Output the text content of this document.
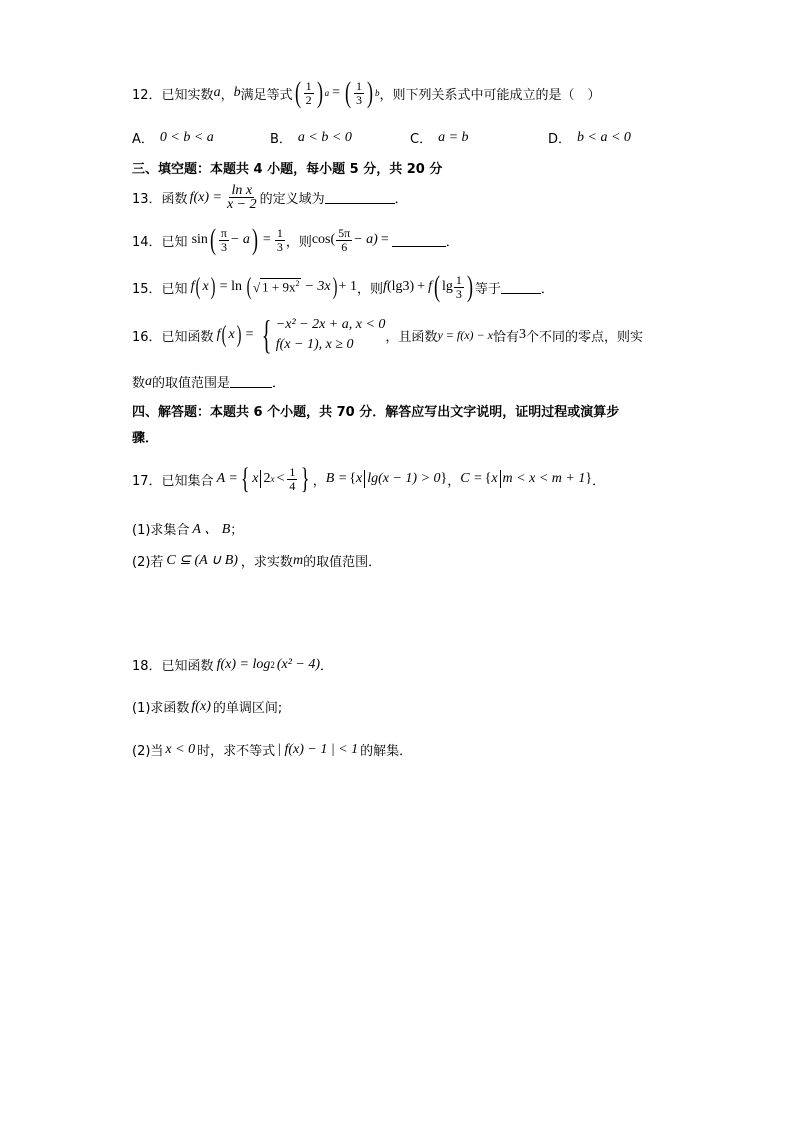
12． 已知实数 a ， b 满足等式 ( $\frac{1}{2}$ ) a = ( $\frac{1}{3}$ ) b ，则下列关系式中可能成立的是（　）
A． 0 < b < a	B． a < b < 0	C． a = b	D． b < a < 0
三、填空题：本题共 4 小题，每小题 5 分，共 20 分
13． 函数 $f(x) = \frac{\text{ln x}}{x - 2}$ 的定义域为	．
14． 已知 sin ( $\frac{\pi}{3} - a$ ) = $\frac{1}{3}$ ，则 $\cos( \frac{5\pi}{6} - a)$ =	．
15． 已知 f ( x ) = ln ( √ $1 + 9x^2 - 3x$ ) + 1 ，则 f ( lg3 ) + f ( $\lg \frac{1}{3}$ ) 等于	．
16． 已知函数 f ( x ) = { −x² − 2x + a, x < 0
f(x − 1), x ≥ 0	，且函数 y = f(x) − x 恰有 3 个不同的零点，则实
数 a 的取值范围是	．
四、解答题：本题共 6 个小题，共 70 分．解答应写出文字说明，证明过程或演算步
骤．
17． 已知集合 A = { x 2 $x < \frac{1}{4}$ } ， B = { x lg(x − 1) > 0 } ， C = { x m < x < m + 1 } ．
(1)求集合 A 、 B ；
(2)若 C ⊆ (A ∪ B) ，求实数 m 的取值范围．
18． 已知函数 f(x) = log 2 (x² − 4) ．
(1)求函数 f(x) 的单调区间;
(2)当 x < 0 时，求不等式 | f(x) − 1 | < 1 的解集．
